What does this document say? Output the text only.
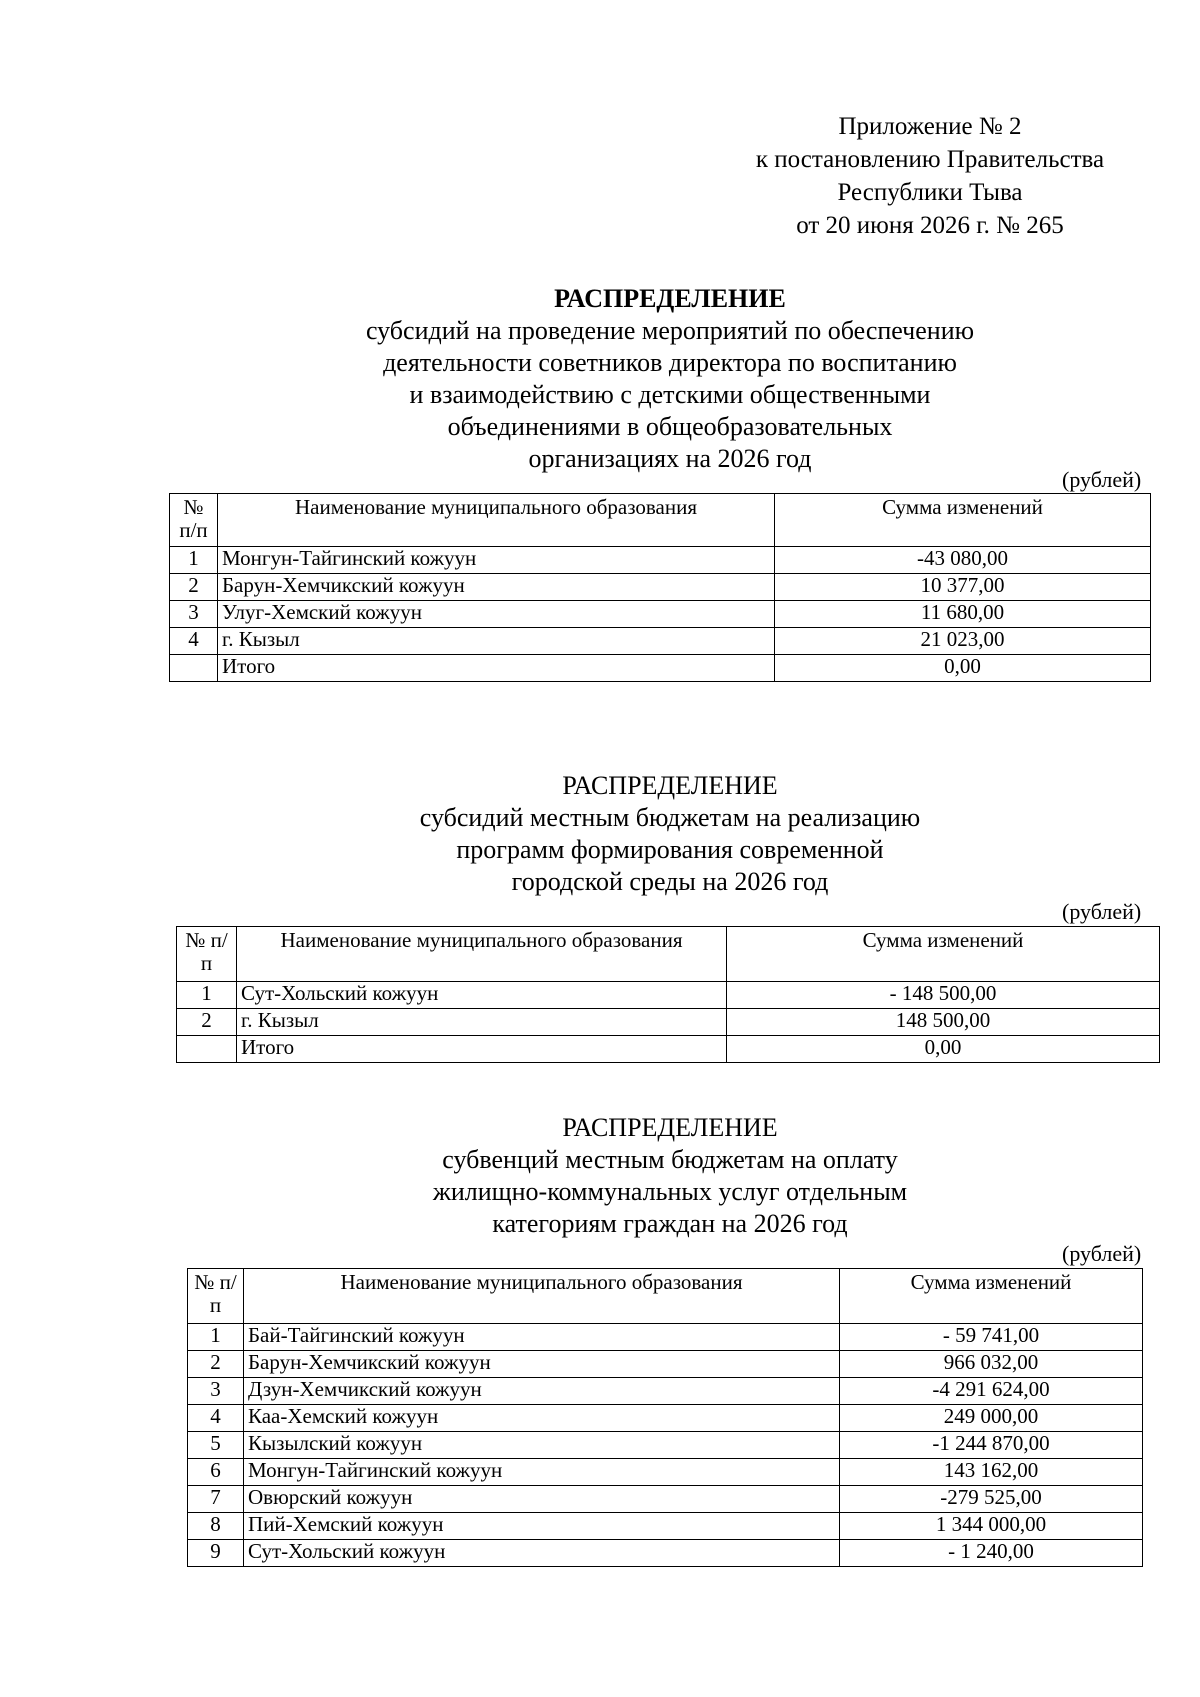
Приложение № 2
к постановлению Правительства
Республики Тыва
от 20 июня 2026 г. № 265
РАСПРЕДЕЛЕНИЕ
субсидий на проведение мероприятий по обеспечению
деятельности советников директора по воспитанию
и взаимодействию с детскими общественными
объединениями в общеобразовательных
организациях на 2026 год
(рублей)
№ п/п	Наименование муниципального образования	Сумма изменений
1	Монгун-Тайгинский кожуун	-43 080,00
2	Барун-Хемчикский кожуун	10 377,00
3	Улуг-Хемский кожуун	11 680,00
4	г. Кызыл	21 023,00
	Итого	0,00
РАСПРЕДЕЛЕНИЕ
субсидий местным бюджетам на реализацию
программ формирования современной
городской среды на 2026 год
(рублей)
№ п/п	Наименование муниципального образования	Сумма изменений
1	Сут-Хольский кожуун	- 148 500,00
2	г. Кызыл	148 500,00
	Итого	0,00
РАСПРЕДЕЛЕНИЕ
субвенций местным бюджетам на оплату
жилищно-коммунальных услуг отдельным
категориям граждан на 2026 год
(рублей)
№ п/п	Наименование муниципального образования	Сумма изменений
1	Бай-Тайгинский кожуун	- 59 741,00
2	Барун-Хемчикский кожуун	966 032,00
3	Дзун-Хемчикский кожуун	-4 291 624,00
4	Каа-Хемский кожуун	249 000,00
5	Кызылский кожуун	-1 244 870,00
6	Монгун-Тайгинский кожуун	143 162,00
7	Овюрский кожуун	-279 525,00
8	Пий-Хемский кожуун	1 344 000,00
9	Сут-Хольский кожуун	- 1 240,00
